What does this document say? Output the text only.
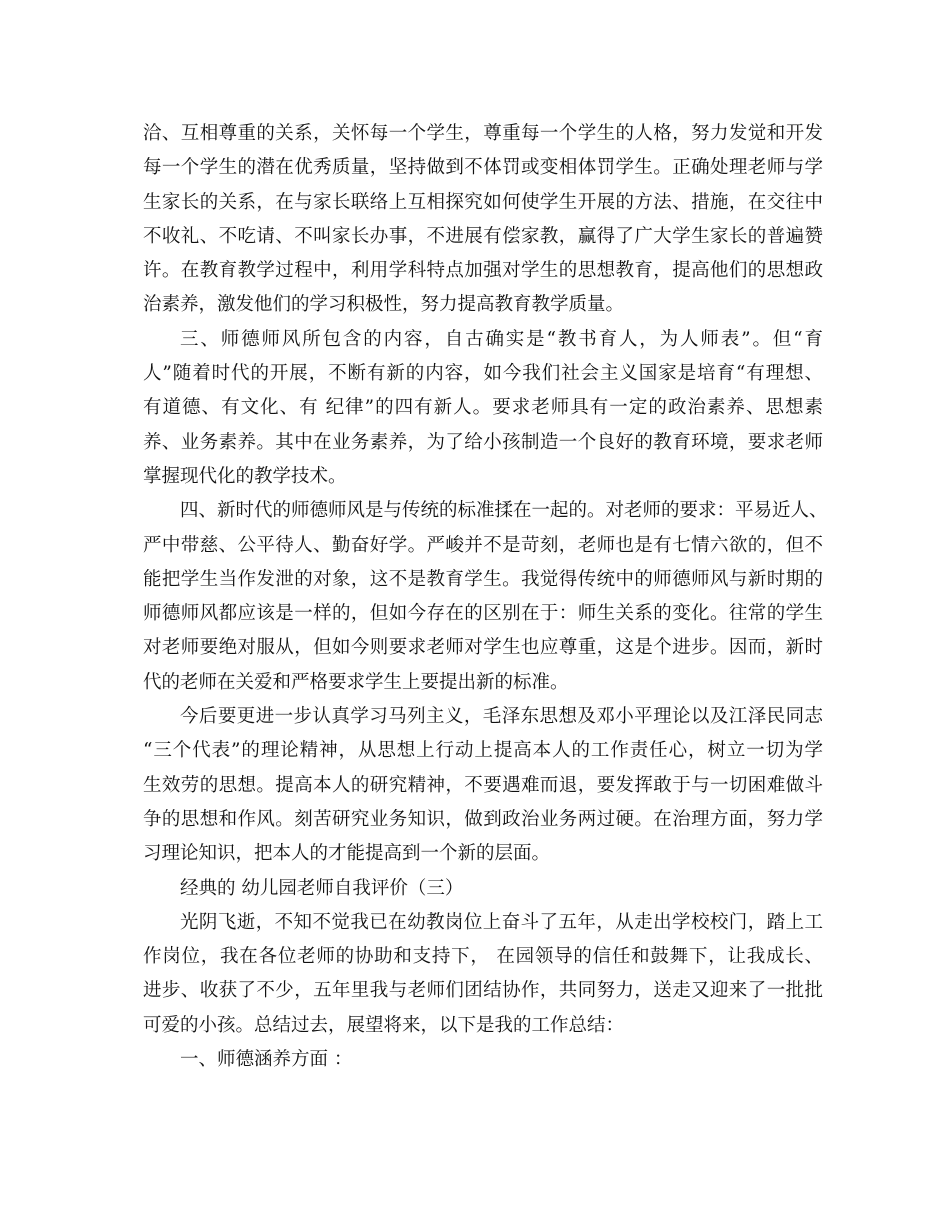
洽、互相尊重的关系，关怀每一个学生，尊重每一个学生的人格，努力发觉和开发
每一个学生的潜在优秀质量，坚持做到不体罚或变相体罚学生。正确处理老师与学
生家长的关系，在与家长联络上互相探究如何使学生开展的方法、措施，在交往中
不收礼、不吃请、不叫家长办事，不进展有偿家教，赢得了广大学生家长的普遍赞
许。在教育教学过程中，利用学科特点加强对学生的思想教育，提高他们的思想政
治素养，激发他们的学习积极性，努力提高教育教学质量。
三、师德师风所包含的内容，自古确实是“教书育人，为人师表”。但“育
人”随着时代的开展，不断有新的内容，如今我们社会主义国家是培育“有理想、
有道德、有文化、有 纪律”的四有新人。要求老师具有一定的政治素养、思想素
养、业务素养。其中在业务素养，为了给小孩制造一个良好的教育环境，要求老师
掌握现代化的教学技术。
四、新时代的师德师风是与传统的标准揉在一起的。对老师的要求：平易近人、
严中带慈、公平待人、勤奋好学。严峻并不是苛刻，老师也是有七情六欲的，但不
能把学生当作发泄的对象，这不是教育学生。我觉得传统中的师德师风与新时期的
师德师风都应该是一样的，但如今存在的区别在于：师生关系的变化。往常的学生
对老师要绝对服从，但如今则要求老师对学生也应尊重，这是个进步。因而，新时
代的老师在关爱和严格要求学生上要提出新的标准。
今后要更进一步认真学习马列主义，毛泽东思想及邓小平理论以及江泽民同志
“三个代表”的理论精神，从思想上行动上提高本人的工作责任心，树立一切为学
生效劳的思想。提高本人的研究精神，不要遇难而退，要发挥敢于与一切困难做斗
争的思想和作风。刻苦研究业务知识，做到政治业务两过硬。在治理方面，努力学
习理论知识，把本人的才能提高到一个新的层面。
经典的 幼儿园老师自我评价（三）
光阴飞逝，不知不觉我已在幼教岗位上奋斗了五年，从走出学校校门，踏上工
作岗位，我在各位老师的协助和支持下， 在园领导的信任和鼓舞下，让我成长、
进步、收获了不少，五年里我与老师们团结协作，共同努力，送走又迎来了一批批
可爱的小孩。总结过去，展望将来，以下是我的工作总结：
一、师德涵养方面 ：
